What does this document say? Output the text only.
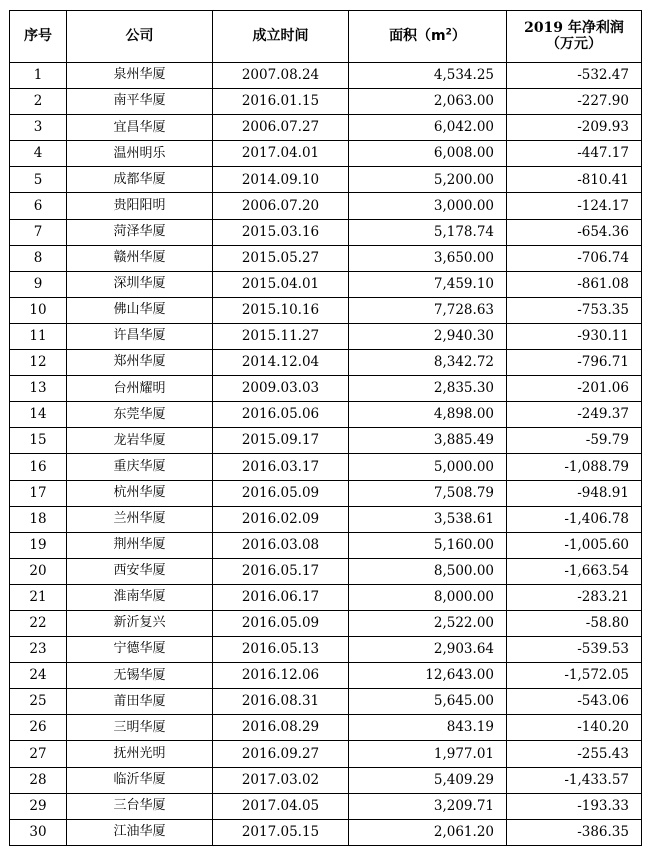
序号	公司	成立时间	面积$(m^2)$	2019 年净利润
（万元）

1	泉州华厦	2007.08.24	4,534.25	-532.47
2	南平华厦	2016.01.15	2,063.00	-227.90
3	宜昌华厦	2006.07.27	6,042.00	-209.93
4	温州明乐	2017.04.01	6,008.00	-447.17
5	成都华厦	2014.09.10	5,200.00	-810.41
6	贵阳阳明	2006.07.20	3,000.00	-124.17
7	菏泽华厦	2015.03.16	5,178.74	-654.36
8	赣州华厦	2015.05.27	3,650.00	-706.74
9	深圳华厦	2015.04.01	7,459.10	-861.08
10	佛山华厦	2015.10.16	7,728.63	-753.35
11	许昌华厦	2015.11.27	2,940.30	-930.11
12	郑州华厦	2014.12.04	8,342.72	-796.71
13	台州耀明	2009.03.03	2,835.30	-201.06
14	东莞华厦	2016.05.06	4,898.00	-249.37
15	龙岩华厦	2015.09.17	3,885.49	-59.79
16	重庆华厦	2016.03.17	5,000.00	-1,088.79
17	杭州华厦	2016.05.09	7,508.79	-948.91
18	兰州华厦	2016.02.09	3,538.61	-1,406.78
19	荆州华厦	2016.03.08	5,160.00	-1,005.60
20	西安华厦	2016.05.17	8,500.00	-1,663.54
21	淮南华厦	2016.06.17	8,000.00	-283.21
22	新沂复兴	2016.05.09	2,522.00	-58.80
23	宁德华厦	2016.05.13	2,903.64	-539.53
24	无锡华厦	2016.12.06	12,643.00	-1,572.05
25	莆田华厦	2016.08.31	5,645.00	-543.06
26	三明华厦	2016.08.29	843.19	-140.20
27	抚州光明	2016.09.27	1,977.01	-255.43
28	临沂华厦	2017.03.02	5,409.29	-1,433.57
29	三台华厦	2017.04.05	3,209.71	-193.33
30	江油华厦	2017.05.15	2,061.20	-386.35
